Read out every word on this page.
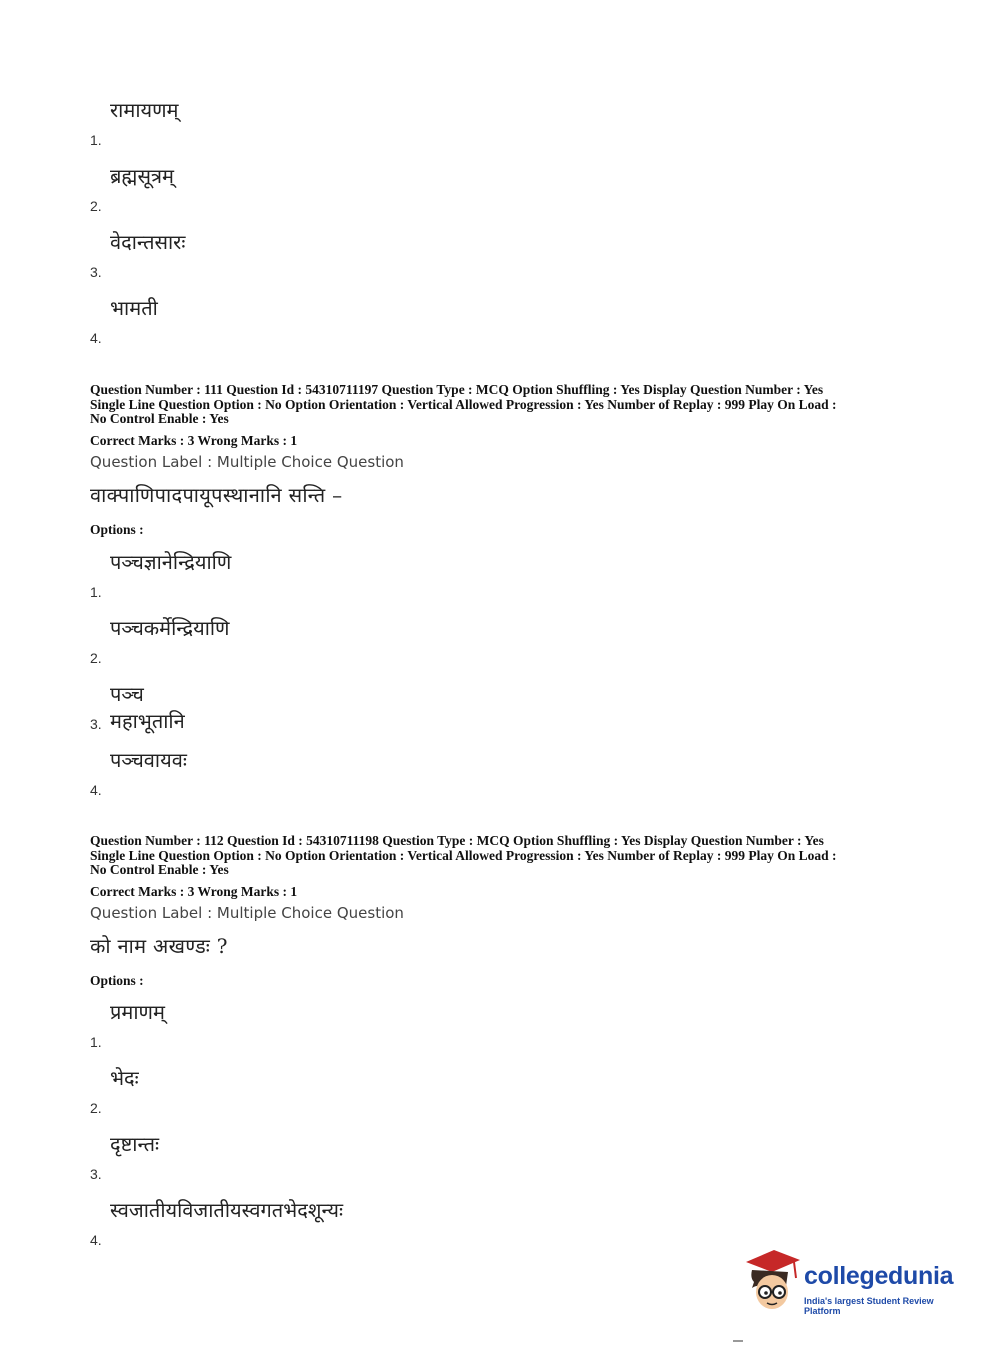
रामायणम्
1.
ब्रह्मसूत्रम्
2.
वेदान्तसारः
3.
भामती
4.
Question Number : 111 Question Id : 54310711197 Question Type : MCQ Option Shuffling : Yes Display Question Number : Yes
Single Line Question Option : No Option Orientation : Vertical Allowed Progression : Yes Number of Replay : 999 Play On Load :
No Control Enable : Yes
Correct Marks : 3 Wrong Marks : 1
Question Label : Multiple Choice Question
वाक्पाणिपादपायूपस्थानानि सन्ति –
Options :
पञ्चज्ञानेन्द्रियाणि
1.
पञ्चकर्मेन्द्रियाणि
2.
पञ्च महाभूतानि
3.
पञ्चवायवः
4.
Question Number : 112 Question Id : 54310711198 Question Type : MCQ Option Shuffling : Yes Display Question Number : Yes
Single Line Question Option : No Option Orientation : Vertical Allowed Progression : Yes Number of Replay : 999 Play On Load :
No Control Enable : Yes
Correct Marks : 3 Wrong Marks : 1
Question Label : Multiple Choice Question
को नाम अखण्डः ?
Options :
प्रमाणम्
1.
भेदः
2.
दृष्टान्तः
3.
स्वजातीयविजातीयस्वगतभेदशून्यः
4.
collegedunia
India's largest Student Review Platform
